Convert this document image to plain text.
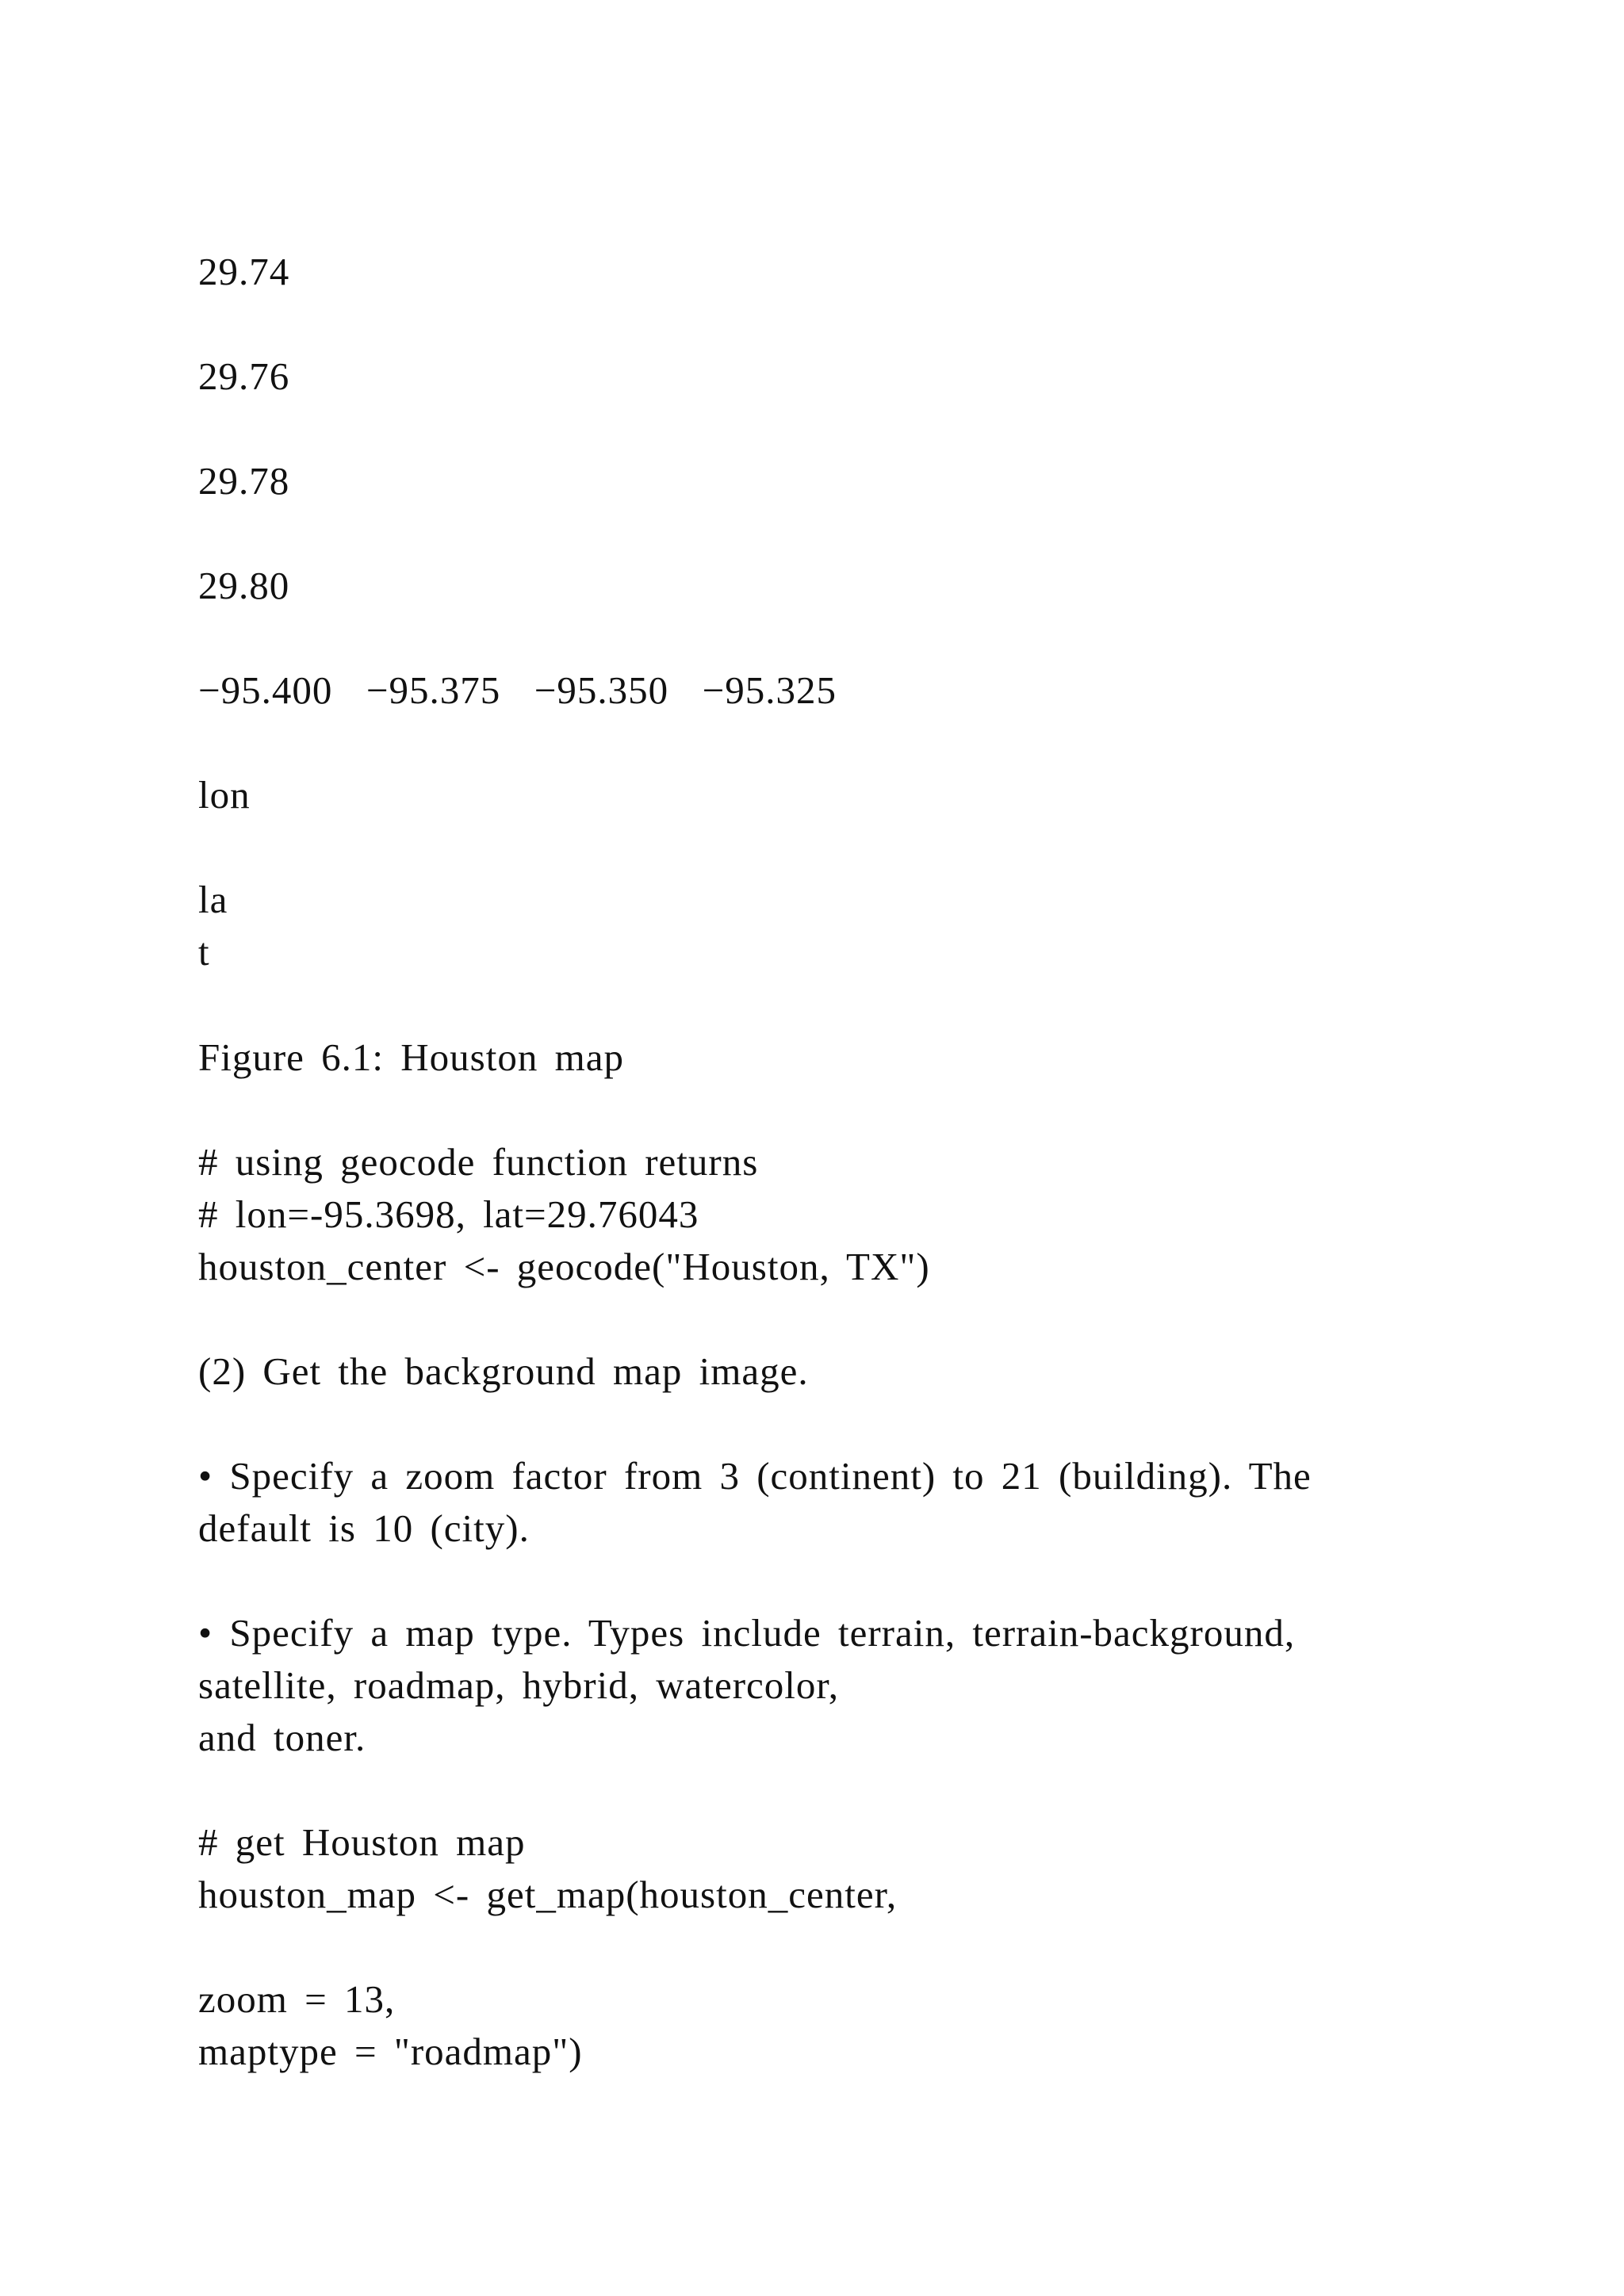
29.74
29.76
29.78
29.80
−95.400  −95.375  −95.350  −95.325
lon
la
t
Figure 6.1: Houston map
# using geocode function returns
# lon=-95.3698, lat=29.76043
houston_center <- geocode("Houston, TX")
(2) Get the background map image.
• Specify a zoom factor from 3 (continent) to 21 (building). The
default is 10 (city).
• Specify a map type. Types include terrain, terrain-background,
satellite, roadmap, hybrid, watercolor,
and toner.
# get Houston map
houston_map <- get_map(houston_center,
zoom = 13,
maptype = "roadmap")
